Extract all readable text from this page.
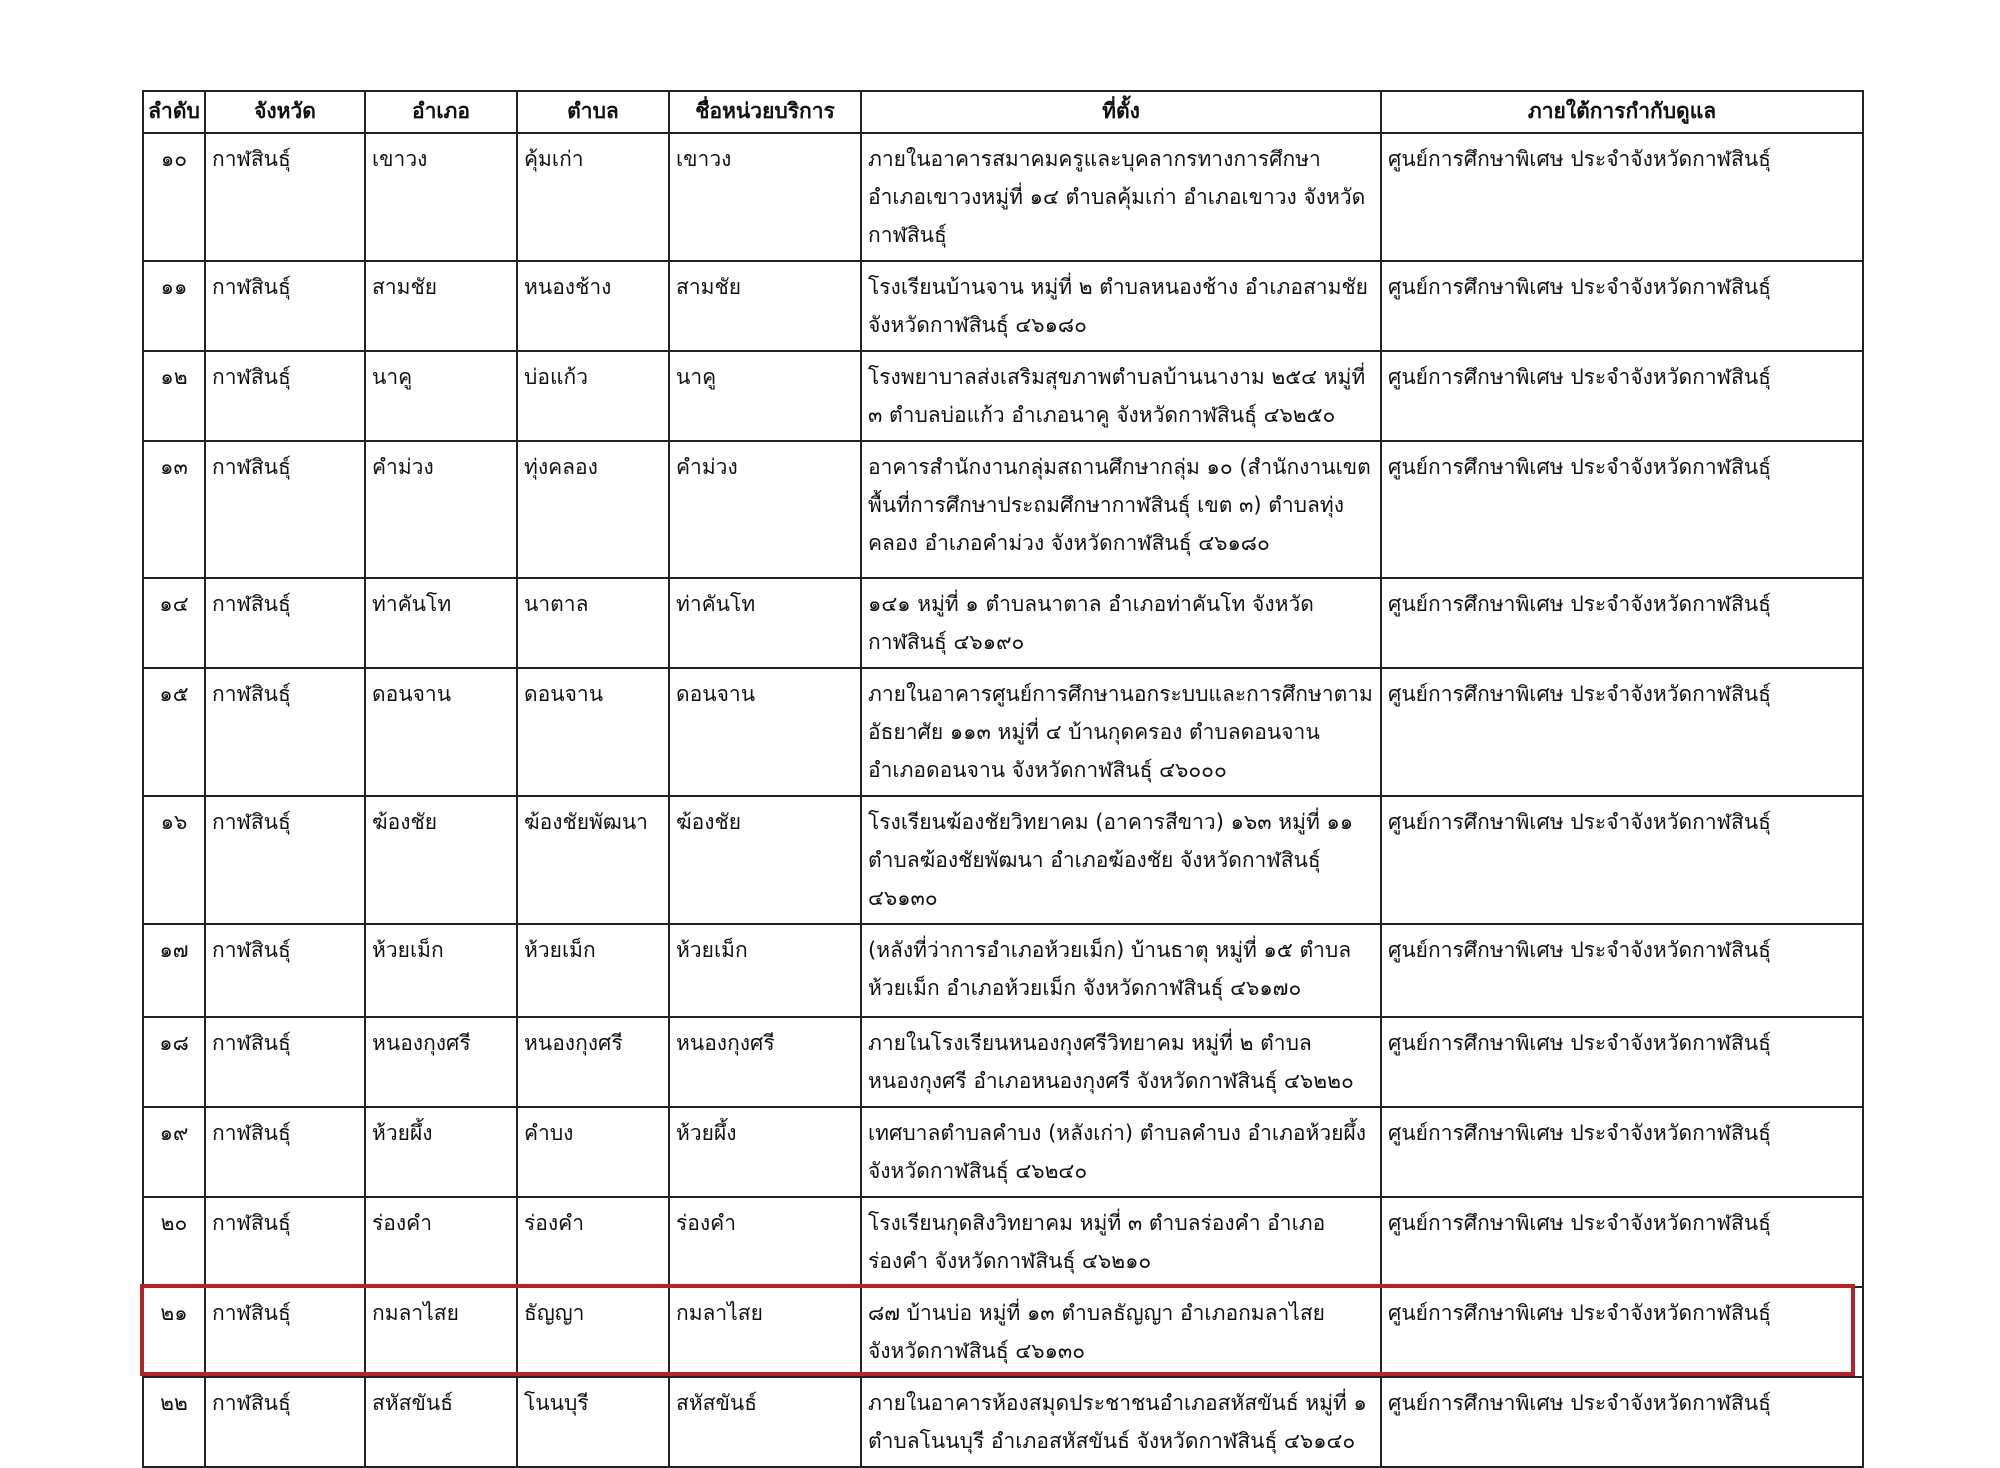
ลำดับ	จังหวัด	อำเภอ	ตำบล	ชื่อหน่วยบริการ	ที่ตั้ง	ภายใต้การกำกับดูแล
๑๐	กาฬสินธุ์	เขาวง	คุ้มเก่า	เขาวง	ภายในอาคารสมาคมครูและบุคลากรทางการศึกษาอำเภอเขาวงหมู่ที่ ๑๔ ตำบลคุ้มเก่า อำเภอเขาวง จังหวัดกาฬสินธุ์	ศูนย์การศึกษาพิเศษ ประจำจังหวัดกาฬสินธุ์
๑๑	กาฬสินธุ์	สามชัย	หนองช้าง	สามชัย	โรงเรียนบ้านจาน หมู่ที่ ๒ ตำบลหนองช้าง อำเภอสามชัย จังหวัดกาฬสินธุ์ ๔๖๑๘๐	ศูนย์การศึกษาพิเศษ ประจำจังหวัดกาฬสินธุ์
๑๒	กาฬสินธุ์	นาคู	บ่อแก้ว	นาคู	โรงพยาบาลส่งเสริมสุขภาพตำบลบ้านนางาม ๒๕๔ หมู่ที่ ๓ ตำบลบ่อแก้ว อำเภอนาคู จังหวัดกาฬสินธุ์ ๔๖๒๕๐	ศูนย์การศึกษาพิเศษ ประจำจังหวัดกาฬสินธุ์
๑๓	กาฬสินธุ์	คำม่วง	ทุ่งคลอง	คำม่วง	อาคารสำนักงานกลุ่มสถานศึกษากลุ่ม ๑๐ (สำนักงานเขตพื้นที่การศึกษาประถมศึกษากาฬสินธุ์ เขต ๓) ตำบลทุ่งคลอง อำเภอคำม่วง จังหวัดกาฬสินธุ์ ๔๖๑๘๐	ศูนย์การศึกษาพิเศษ ประจำจังหวัดกาฬสินธุ์
๑๔	กาฬสินธุ์	ท่าคันโท	นาตาล	ท่าคันโท	๑๔๑ หมู่ที่ ๑ ตำบลนาตาล อำเภอท่าคันโท จังหวัดกาฬสินธุ์ ๔๖๑๙๐	ศูนย์การศึกษาพิเศษ ประจำจังหวัดกาฬสินธุ์
๑๕	กาฬสินธุ์	ดอนจาน	ดอนจาน	ดอนจาน	ภายในอาคารศูนย์การศึกษานอกระบบและการศึกษาตามอัธยาศัย ๑๑๓ หมู่ที่ ๔ บ้านกุดครอง ตำบลดอนจาน อำเภอดอนจาน จังหวัดกาฬสินธุ์ ๔๖๐๐๐	ศูนย์การศึกษาพิเศษ ประจำจังหวัดกาฬสินธุ์
๑๖	กาฬสินธุ์	ฆ้องชัย	ฆ้องชัยพัฒนา	ฆ้องชัย	โรงเรียนฆ้องชัยวิทยาคม (อาคารสีขาว) ๑๖๓ หมู่ที่ ๑๑ ตำบลฆ้องชัยพัฒนา อำเภอฆ้องชัย จังหวัดกาฬสินธุ์ ๔๖๑๓๐	ศูนย์การศึกษาพิเศษ ประจำจังหวัดกาฬสินธุ์
๑๗	กาฬสินธุ์	ห้วยเม็ก	ห้วยเม็ก	ห้วยเม็ก	(หลังที่ว่าการอำเภอห้วยเม็ก) บ้านธาตุ หมู่ที่ ๑๕ ตำบลห้วยเม็ก อำเภอห้วยเม็ก จังหวัดกาฬสินธุ์ ๔๖๑๗๐	ศูนย์การศึกษาพิเศษ ประจำจังหวัดกาฬสินธุ์
๑๘	กาฬสินธุ์	หนองกุงศรี	หนองกุงศรี	หนองกุงศรี	ภายในโรงเรียนหนองกุงศรีวิทยาคม หมู่ที่ ๒ ตำบลหนองกุงศรี อำเภอหนองกุงศรี จังหวัดกาฬสินธุ์ ๔๖๒๒๐	ศูนย์การศึกษาพิเศษ ประจำจังหวัดกาฬสินธุ์
๑๙	กาฬสินธุ์	ห้วยผึ้ง	คำบง	ห้วยผึ้ง	เทศบาลตำบลคำบง (หลังเก่า) ตำบลคำบง อำเภอห้วยผึ้ง จังหวัดกาฬสินธุ์ ๔๖๒๔๐	ศูนย์การศึกษาพิเศษ ประจำจังหวัดกาฬสินธุ์
๒๐	กาฬสินธุ์	ร่องคำ	ร่องคำ	ร่องคำ	โรงเรียนกุดสิงวิทยาคม หมู่ที่ ๓ ตำบลร่องคำ อำเภอร่องคำ จังหวัดกาฬสินธุ์ ๔๖๒๑๐	ศูนย์การศึกษาพิเศษ ประจำจังหวัดกาฬสินธุ์
๒๑	กาฬสินธุ์	กมลาไสย	ธัญญา	กมลาไสย	๘๗ บ้านบ่อ หมู่ที่ ๑๓ ตำบลธัญญา อำเภอกมลาไสย จังหวัดกาฬสินธุ์ ๔๖๑๓๐	ศูนย์การศึกษาพิเศษ ประจำจังหวัดกาฬสินธุ์
๒๒	กาฬสินธุ์	สหัสขันธ์	โนนบุรี	สหัสขันธ์	ภายในอาคารห้องสมุดประชาชนอำเภอสหัสขันธ์ หมู่ที่ ๑ ตำบลโนนบุรี อำเภอสหัสขันธ์ จังหวัดกาฬสินธุ์ ๔๖๑๔๐	ศูนย์การศึกษาพิเศษ ประจำจังหวัดกาฬสินธุ์
